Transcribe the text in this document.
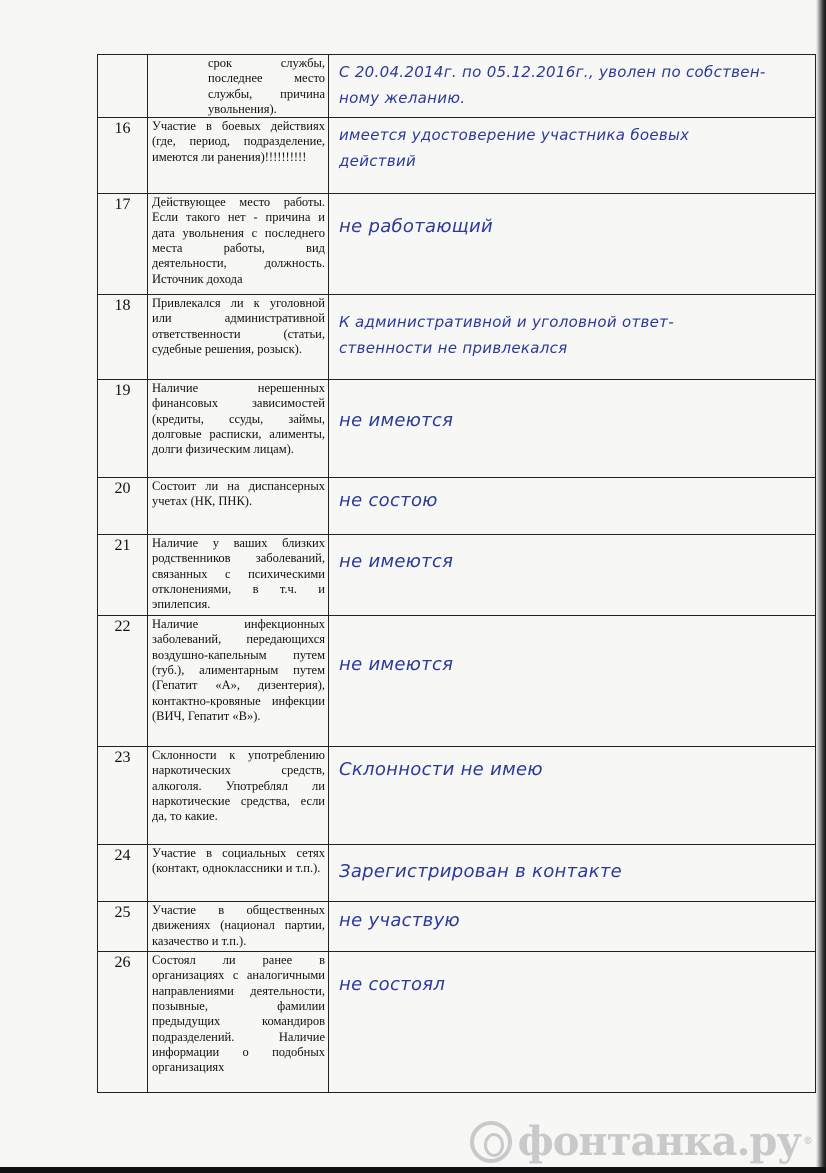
	срок службы, последнее место службы, причина увольнения).	С 20.04.2014г. по 05.12.2016г., уволен по собствен-
ному желанию.

16	Участие в боевых действиях (где, период, подразделение, имеются ли ранения)!!!!!!!!!!	имеется удостоверение участника боевых
действий

17	Действующее место работы. Если такого нет - причина и дата увольнения с последнего места работы, вид деятельности, должность. Источник дохода	не работающий

18	Привлекался ли к уголовной или административной ответственности (статьи, судебные решения, розыск).	К административной и уголовной ответ-
ственности не привлекался

19	Наличие нерешенных финансовых зависимостей (кредиты, ссуды, займы, долговые расписки, алименты, долги физическим лицам).	не имеются

20	Состоит ли на диспансерных учетах (НК, ПНК).	не состою

21	Наличие у ваших близких родственников заболеваний, связанных с психическими отклонениями, в т.ч. и эпилепсия.	не имеются

22	Наличие инфекционных заболеваний, передающихся воздушно-капельным путем (туб.), алиментарным путем (Гепатит «А», дизентерия), контактно-кровяные инфекции (ВИЧ, Гепатит «В»).	не имеются

23	Склонности к употреблению наркотических средств, алкоголя. Употреблял ли наркотические средства, если да, то какие.	Склонности не имею

24	Участие в социальных сетях (контакт, одноклассники и т.п.).	Зарегистрирован в контакте

25	Участие в общественных движениях (национал партии, казачество и т.п.).	не участвую

26	Состоял ли ранее в организациях с аналогичными направлениями деятельности, позывные, фамилии предыдущих командиров подразделений. Наличие информации о подобных организациях	не состоял
фонтанка.ру ®
